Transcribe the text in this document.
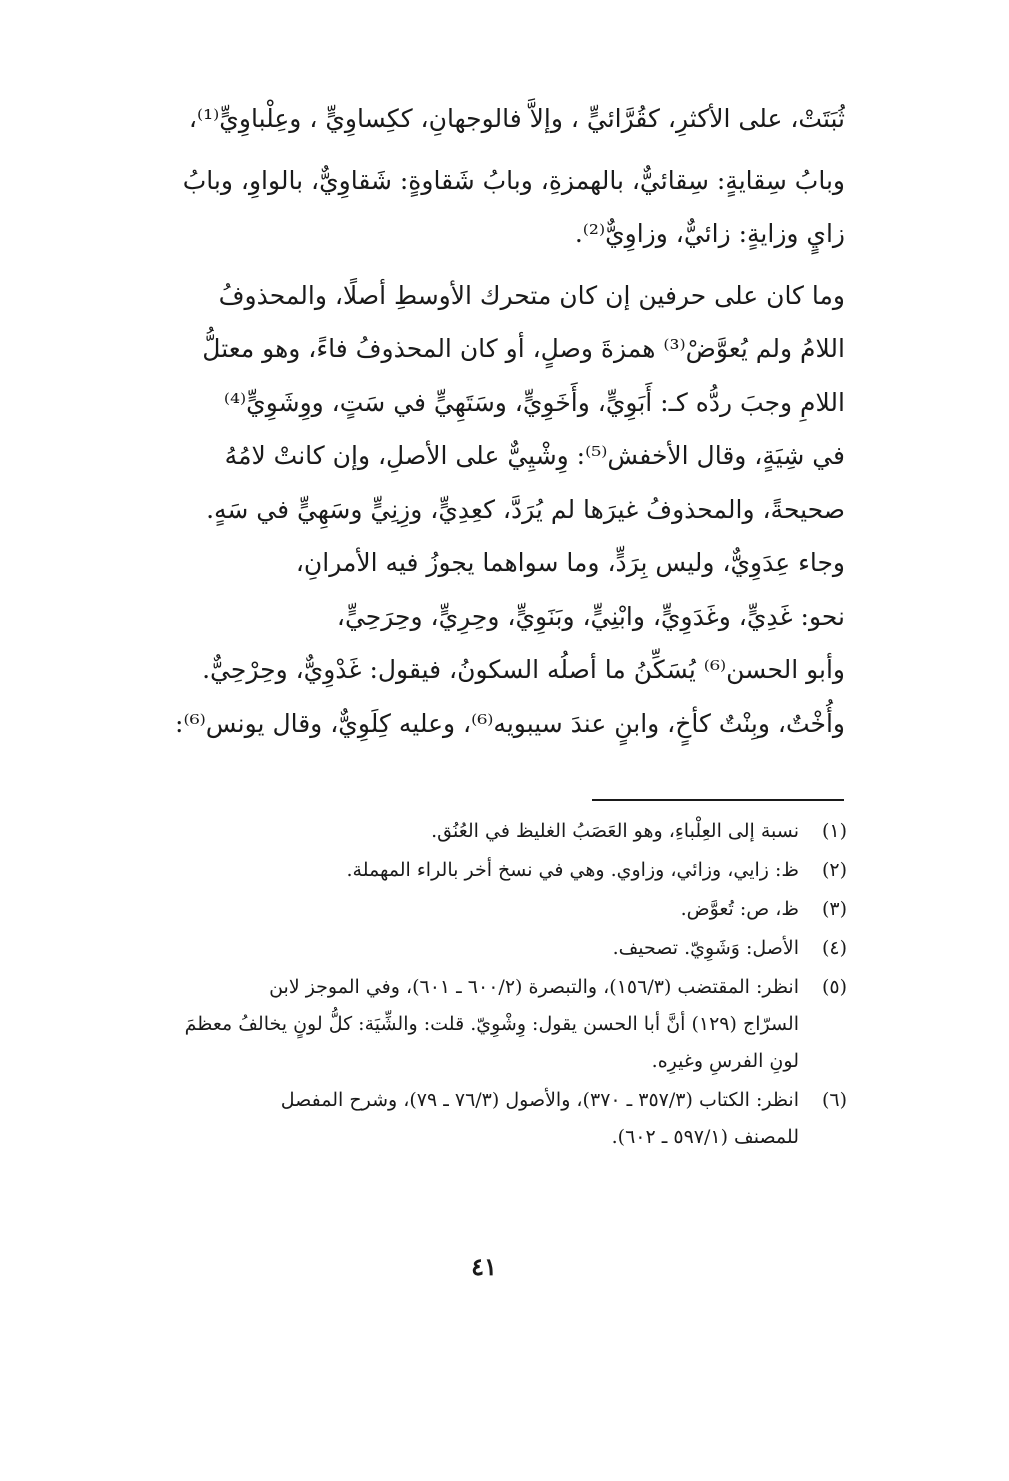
ثُبَتَتْ، على الأكثرِ، كقُرَّائيٍّ ، وإلاَّ فالوجهانِ، ككِساوِيٍّ ، وعِلْباوِيٍّ⁽¹⁾،
وبابُ سِقايةٍ: سِقائيٌّ، بالهمزةِ، وبابُ شَقاوةٍ: شَقاوِيٌّ، بالواوِ، وبابُ
زايٍ وزايةٍ: زائيٌّ، وزاوِيٌّ⁽²⁾.
وما كان على حرفين إن كان متحرك الأوسطِ أصلًا، والمحذوفُ
اللامُ ولم يُعوَّضْ⁽³⁾ همزةَ وصلٍ، أو كان المحذوفُ فاءً، وهو معتلُّ
اللامِ وجبَ ردُّه كـ: أَبَوِيٍّ، وأَخَوِيٍّ، وسَتَهِيٍّ في سَتٍ، ووِشَوِيٍّ⁽⁴⁾
في شِيَةٍ، وقال الأخفش⁽⁵⁾: وِشْيِيٌّ على الأصلِ، وإن كانتْ لامُهُ
صحيحةً، والمحذوفُ غيرَها لم يُرَدَّ، كعِدِيٍّ، وزِنِيٍّ وسَهِيٍّ في سَهٍ.
وجاء عِدَوِيٌّ، وليس بِرَدٍّ، وما سواهما يجوزُ فيه الأمرانِ،
نحو: غَدِيٍّ، وغَدَوِيٍّ، وابْنِيٍّ، وبَنَوِيٍّ، وحِرِيٍّ، وحِرَحِيٍّ،
وأبو الحسن⁽⁶⁾ يُسَكِّنُ ما أصلُه السكونُ، فيقول: غَدْوِيٌّ، وحِرْحِيٌّ.
وأُخْتٌ، وبِنْتٌ كأخٍ، وابنٍ عندَ سيبويه⁽⁶⁾، وعليه كِلَوِيٌّ، وقال يونس⁽⁶⁾:
(١)
نسبة إلى العِلْباءِ، وهو العَصَبُ الغليظ في العُنُق.
(٢)
ظ: زايي، وزائي، وزاوي. وهي في نسخ أخر بالراء المهملة.
(٣)
ظ، ص: تُعوَّض.
(٤)
الأصل: وَشَوِيّ. تصحيف.
(٥)
انظر: المقتضب (١٥٦/٣)، والتبصرة (٦٠٠/٢ ـ ٦٠١)، وفي الموجز لابن
السرّاج (١٢٩) أنَّ أبا الحسن يقول: وِشْوِيّ. قلت: والشِّيَة: كلُّ لونٍ يخالفُ معظمَ
لونِ الفرسِ وغيرِه.
(٦)
انظر: الكتاب (٣٥٧/٣ ـ ٣٧٠)، والأصول (٧٦/٣ ـ ٧٩)، وشرح المفصل
للمصنف (٥٩٧/١ ـ ٦٠٢).
٤١
